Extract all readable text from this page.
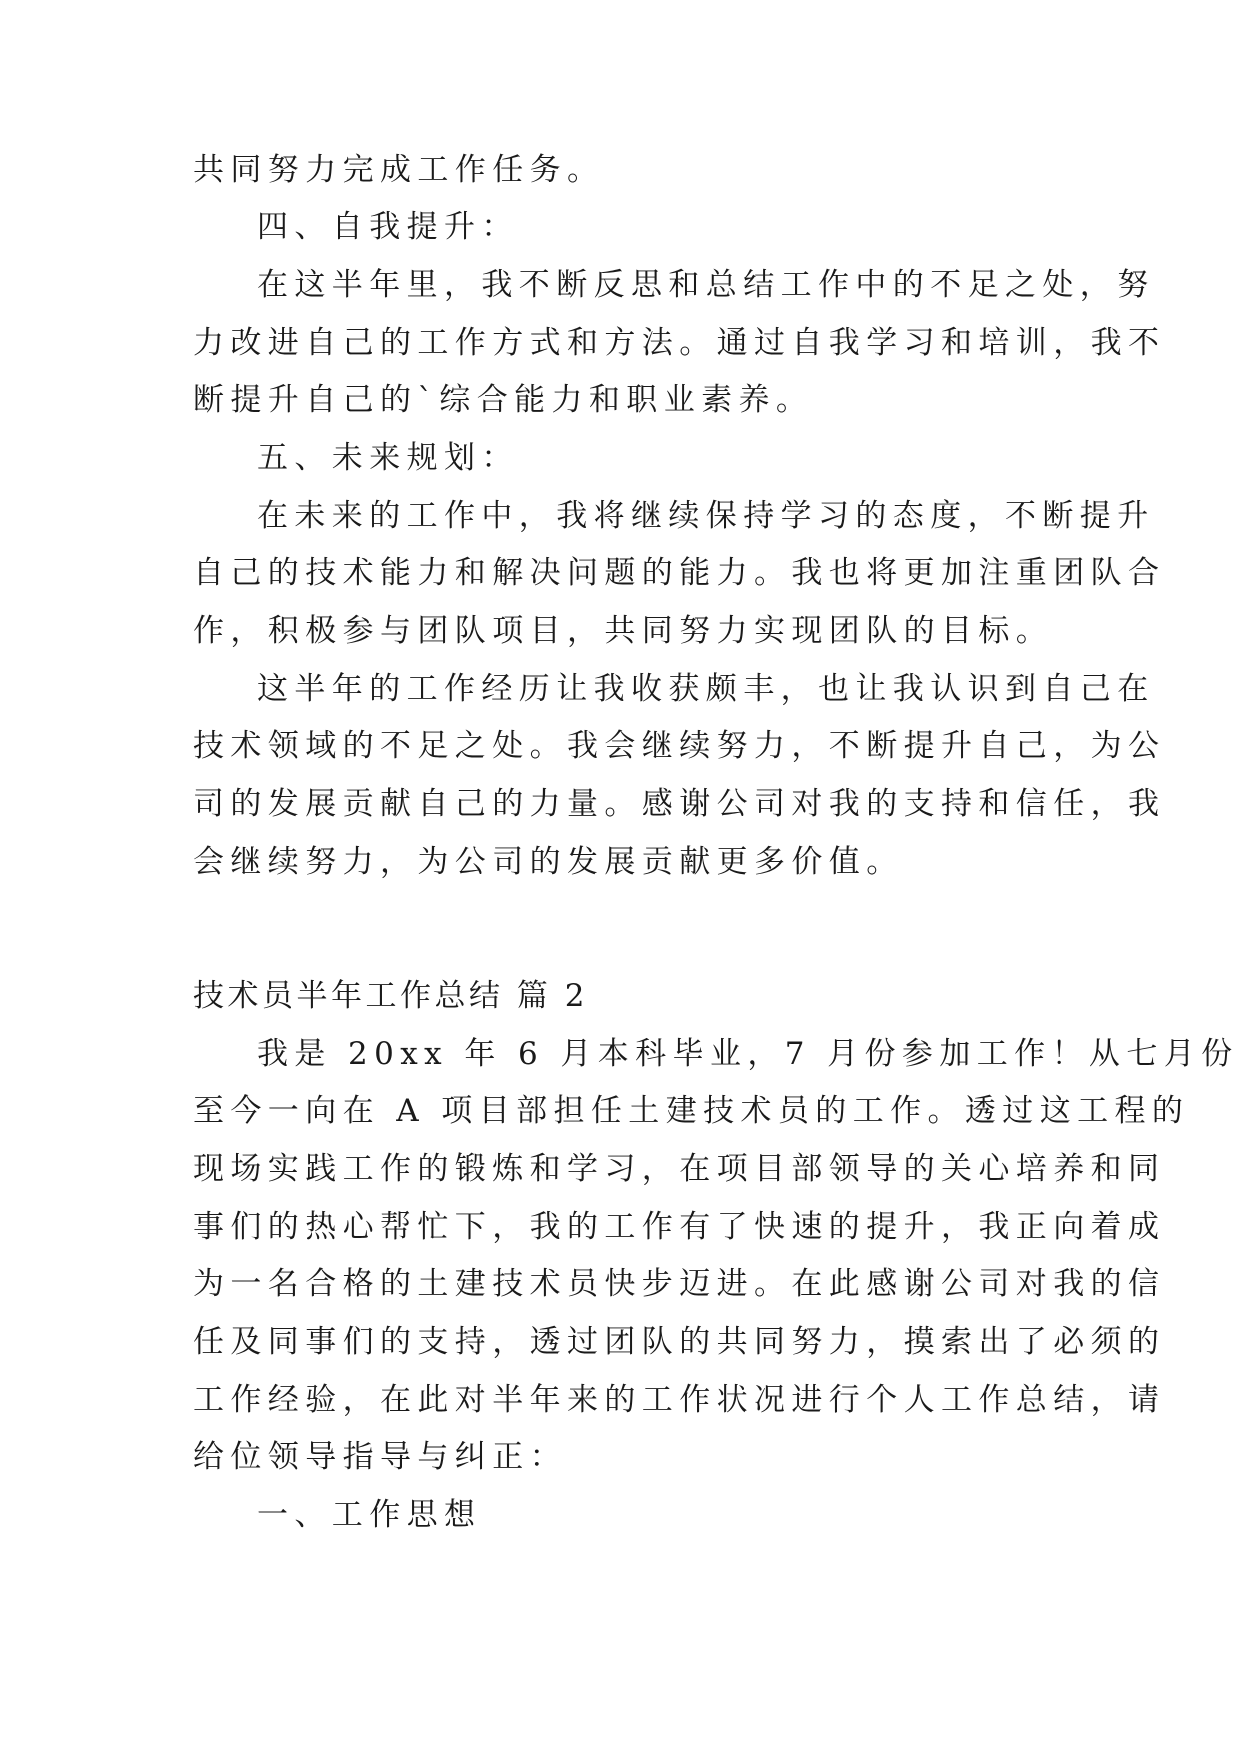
共同努力完成工作任务。
四、自我提升：
在这半年里，我不断反思和总结工作中的不足之处，努
力改进自己的工作方式和方法。通过自我学习和培训，我不
断提升自己的`综合能力和职业素养。
五、未来规划：
在未来的工作中，我将继续保持学习的态度，不断提升
自己的技术能力和解决问题的能力。我也将更加注重团队合
作，积极参与团队项目，共同努力实现团队的目标。
这半年的工作经历让我收获颇丰，也让我认识到自己在
技术领域的不足之处。我会继续努力，不断提升自己，为公
司的发展贡献自己的力量。感谢公司对我的支持和信任，我
会继续努力，为公司的发展贡献更多价值。
技术员半年工作总结 篇 2
我是 20xx 年 6 月本科毕业，7 月份参加工作！从七月份
至今一向在 A 项目部担任土建技术员的工作。透过这工程的
现场实践工作的锻炼和学习，在项目部领导的关心培养和同
事们的热心帮忙下，我的工作有了快速的提升，我正向着成
为一名合格的土建技术员快步迈进。在此感谢公司对我的信
任及同事们的支持，透过团队的共同努力，摸索出了必须的
工作经验，在此对半年来的工作状况进行个人工作总结，请
给位领导指导与纠正：
一、工作思想
